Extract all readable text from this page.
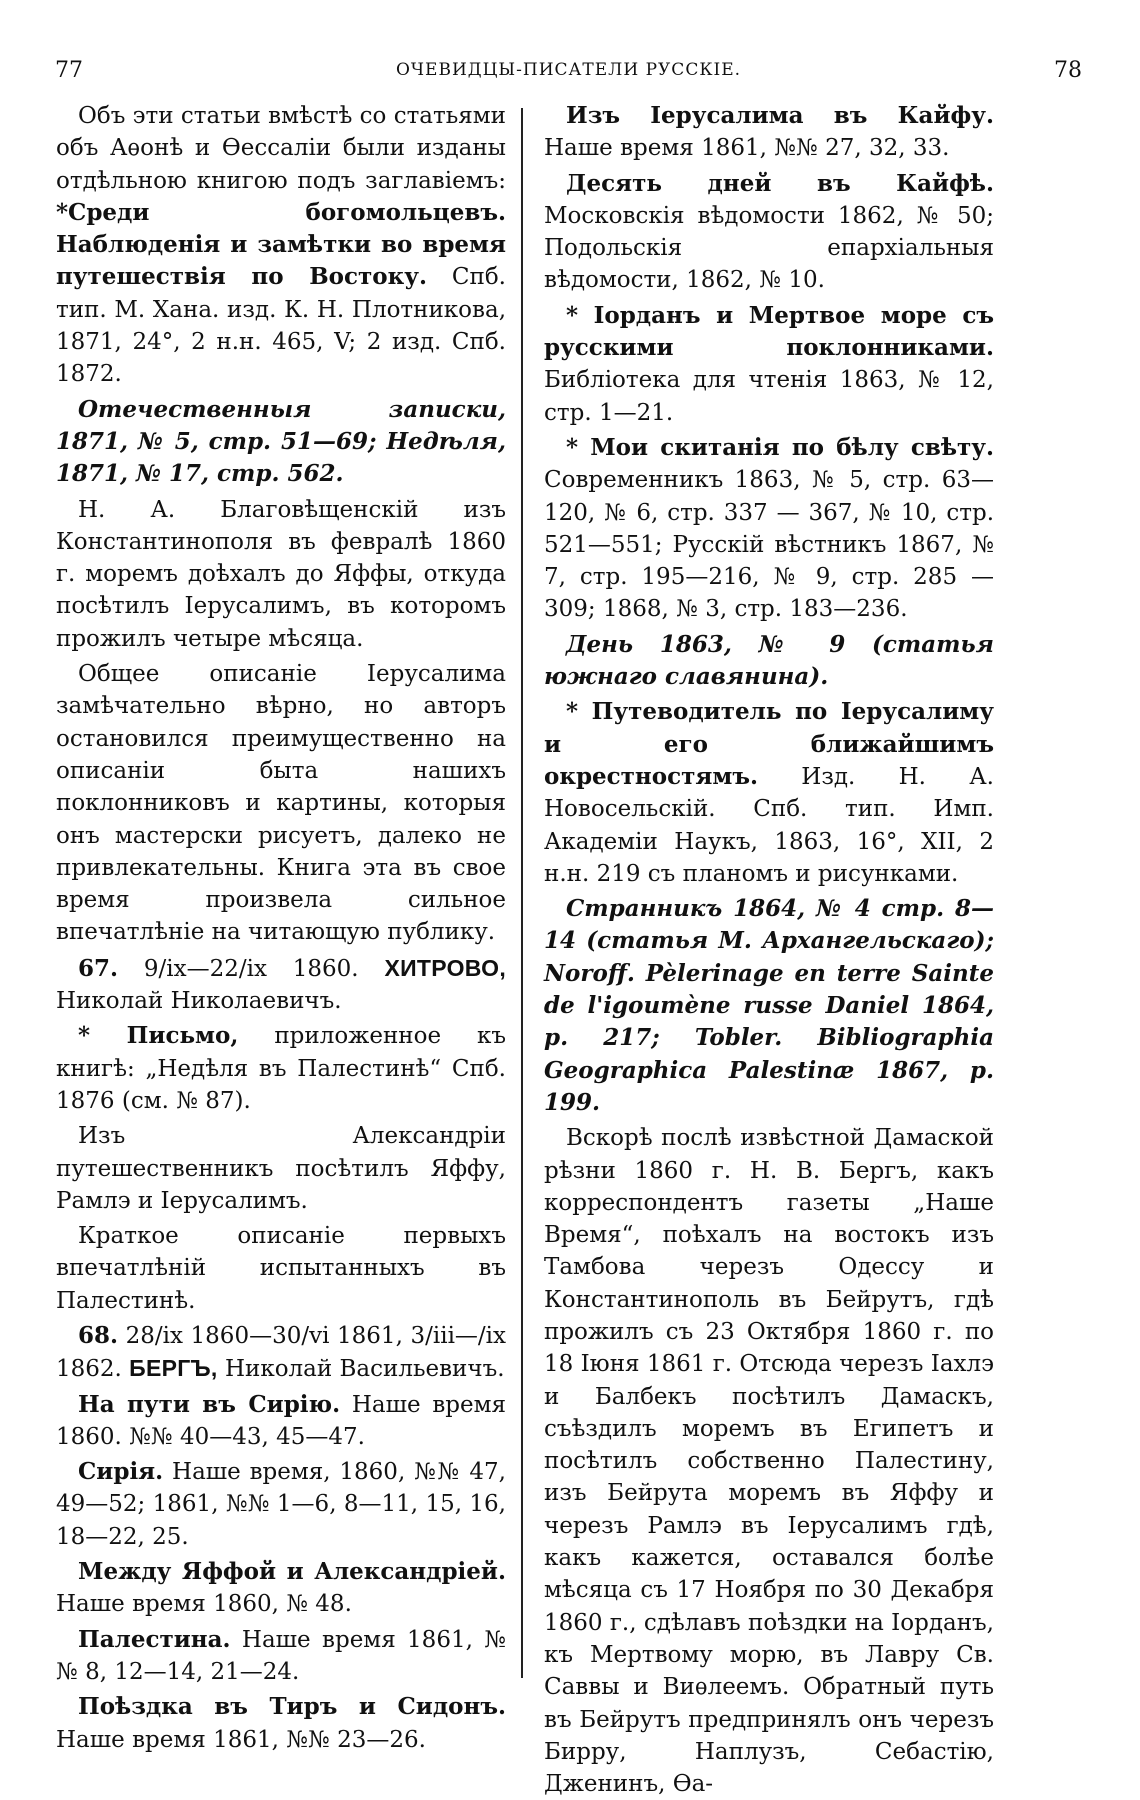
77	ОЧЕВИДЦЫ-ПИСАТЕЛИ РУССКІЕ.	78

Объ эти статьи вмѣстѣ со статьями объ Аѳонѣ и Ѳессаліи были изданы отдѣльною книгою подъ заглавіемъ: *Среди богомольцевъ. Наблюденія и замѣтки во время путешествія по Востоку. Спб. тип. М. Хана. изд. К. Н. Плотникова, 1871, 24°, 2 н.н. 465, V; 2 изд. Спб. 1872.

Отечественныя записки, 1871, № 5, стр. 51—69; Недѣля, 1871, № 17, стр. 562.

Н. А. Благовѣщенскій изъ Константинополя въ февралѣ 1860 г. моремъ доѣхалъ до Яффы, откуда посѣтилъ Іерусалимъ, въ которомъ прожилъ четыре мѣсяца.

Общее описаніе Іерусалима замѣчательно вѣрно, но авторъ остановился преимущественно на описаніи быта нашихъ поклонниковъ и картины, которыя онъ мастерски рисуетъ, далеко не привлекательны. Книга эта въ свое время произвела сильное впечатлѣніе на читающую публику.

67. 9/ix—22/ix 1860. ХИТРОВО, Николай Николаевичъ.

* Письмо, приложенное къ книгѣ: „Недѣля въ Палестинѣ“ Спб. 1876 (см. № 87).

Изъ Александріи путешественникъ посѣтилъ Яффу, Рамлэ и Іерусалимъ.

Краткое описаніе первыхъ впечатлѣній испытанныхъ въ Палестинѣ.

68. 28/ix 1860—30/vi 1861, 3/iii—/ix 1862. БЕРГЪ, Николай Васильевичъ.

На пути въ Сирію. Наше время 1860. №№ 40—43, 45—47.

Сирія. Наше время, 1860, №№ 47, 49—52; 1861, №№ 1—6, 8—11, 15, 16, 18—22, 25.

Между Яффой и Александріей. Наше время 1860, № 48.

Палестина. Наше время 1861, №№ 8, 12—14, 21—24.

Поѣздка въ Тиръ и Сидонъ. Наше время 1861, №№ 23—26.

Изъ Іерусалима въ Кайфу. Наше время 1861, №№ 27, 32, 33.

Десять дней въ Кайфѣ. Московскія вѣдомости 1862, № 50; Подольскія епархіальныя вѣдомости, 1862, № 10.

* Іорданъ и Мертвое море съ русскими поклонниками. Библіотека для чтенія 1863, № 12, стр. 1—21.

* Мои скитанія по бѣлу свѣту. Современникъ 1863, № 5, стр. 63—120, № 6, стр. 337 — 367, № 10, стр. 521—551; Русскій вѣстникъ 1867, № 7, стр. 195—216, № 9, стр. 285 — 309; 1868, № 3, стр. 183—236.

День 1863, № 9 (статья южнаго славянина).

* Путеводитель по Іерусалиму и его ближайшимъ окрестностямъ. Изд. Н. А. Новосельскій. Спб. тип. Имп. Академіи Наукъ, 1863, 16°, XII, 2 н.н. 219 съ планомъ и рисунками.

Странникъ 1864, № 4 стр. 8—14 (статья М. Архангельскаго); Noroff. Pèlerinage en terre Sainte de l'igoumène russe Daniel 1864, p. 217; Tobler. Bibliographia Geographica Palestinæ 1867, p. 199.

Вскорѣ послѣ извѣстной Дамаской рѣзни 1860 г. Н. В. Бергъ, какъ корреспондентъ газеты „Наше Время“, поѣхалъ на востокъ изъ Тамбова черезъ Одессу и Константинополь въ Бейрутъ, гдѣ прожилъ съ 23 Октября 1860 г. по 18 Іюня 1861 г. Отсюда черезъ Іахлэ и Балбекъ посѣтилъ Дамаскъ, съѣздилъ моремъ въ Египетъ и посѣтилъ собственно Палестину, изъ Бейрута моремъ въ Яффу и черезъ Рамлэ въ Іерусалимъ гдѣ, какъ кажется, оставался болѣе мѣсяца съ 17 Ноября по 30 Декабря 1860 г., сдѣлавъ поѣздки на Іорданъ, къ Мертвому морю, въ Лавру Св. Саввы и Виѳлеемъ. Обратный путь въ Бейрутъ предпринялъ онъ черезъ Бирру, Наплузъ, Себастію, Дженинъ, Ѳа-
